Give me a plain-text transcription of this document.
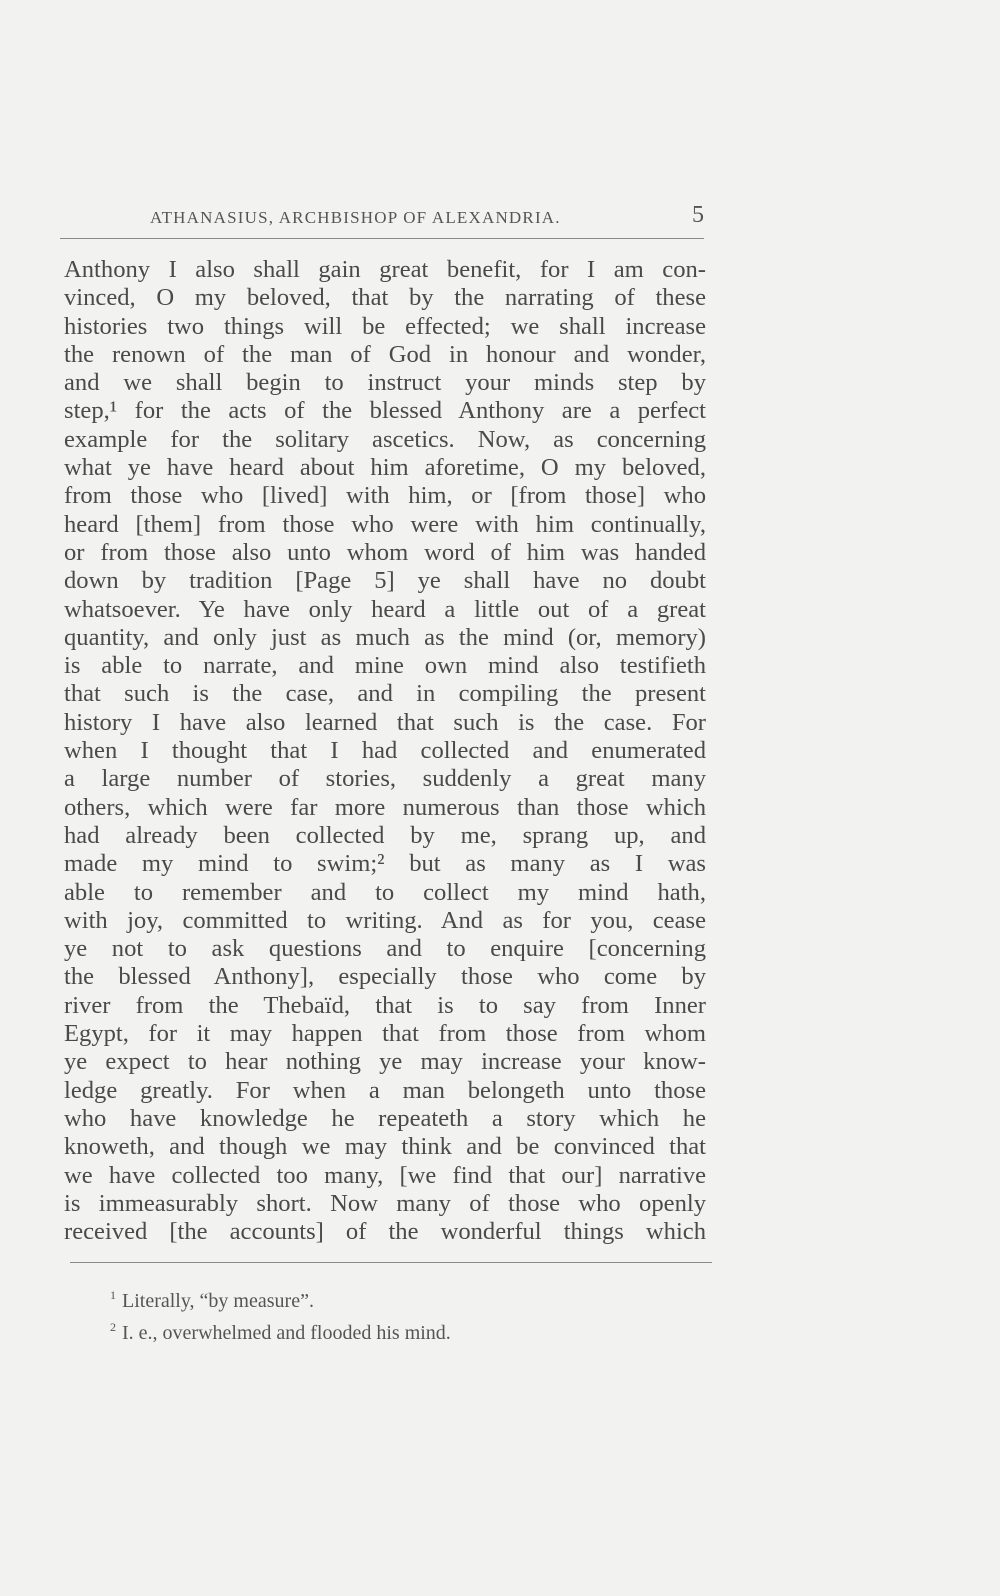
ATHANASIUS, ARCHBISHOP OF ALEXANDRIA.	5
Anthony I also shall gain great benefit, for I am con-
vinced, O my beloved, that by the narrating of these
histories two things will be effected; we shall increase
the renown of the man of God in honour and wonder,
and we shall begin to instruct your minds step by
step,¹ for the acts of the blessed Anthony are a perfect
example for the solitary ascetics. Now, as concerning
what ye have heard about him aforetime, O my beloved,
from those who [lived] with him, or [from those] who
heard [them] from those who were with him continually,
or from those also unto whom word of him was handed
down by tradition [Page 5] ye shall have no doubt
whatsoever. Ye have only heard a little out of a great
quantity, and only just as much as the mind (or, memory)
is able to narrate, and mine own mind also testifieth
that such is the case, and in compiling the present
history I have also learned that such is the case. For
when I thought that I had collected and enumerated
a large number of stories, suddenly a great many
others, which were far more numerous than those which
had already been collected by me, sprang up, and
made my mind to swim;² but as many as I was
able to remember and to collect my mind hath,
with joy, committed to writing. And as for you, cease
ye not to ask questions and to enquire [concerning
the blessed Anthony], especially those who come by
river from the Thebaïd, that is to say from Inner
Egypt, for it may happen that from those from whom
ye expect to hear nothing ye may increase your know-
ledge greatly. For when a man belongeth unto those
who have knowledge he repeateth a story which he
knoweth, and though we may think and be convinced that
we have collected too many, [we find that our] narrative
is immeasurably short. Now many of those who openly
received [the accounts] of the wonderful things which
$^1$ Literally, “by measure”.
$^2$ I. e., overwhelmed and flooded his mind.
